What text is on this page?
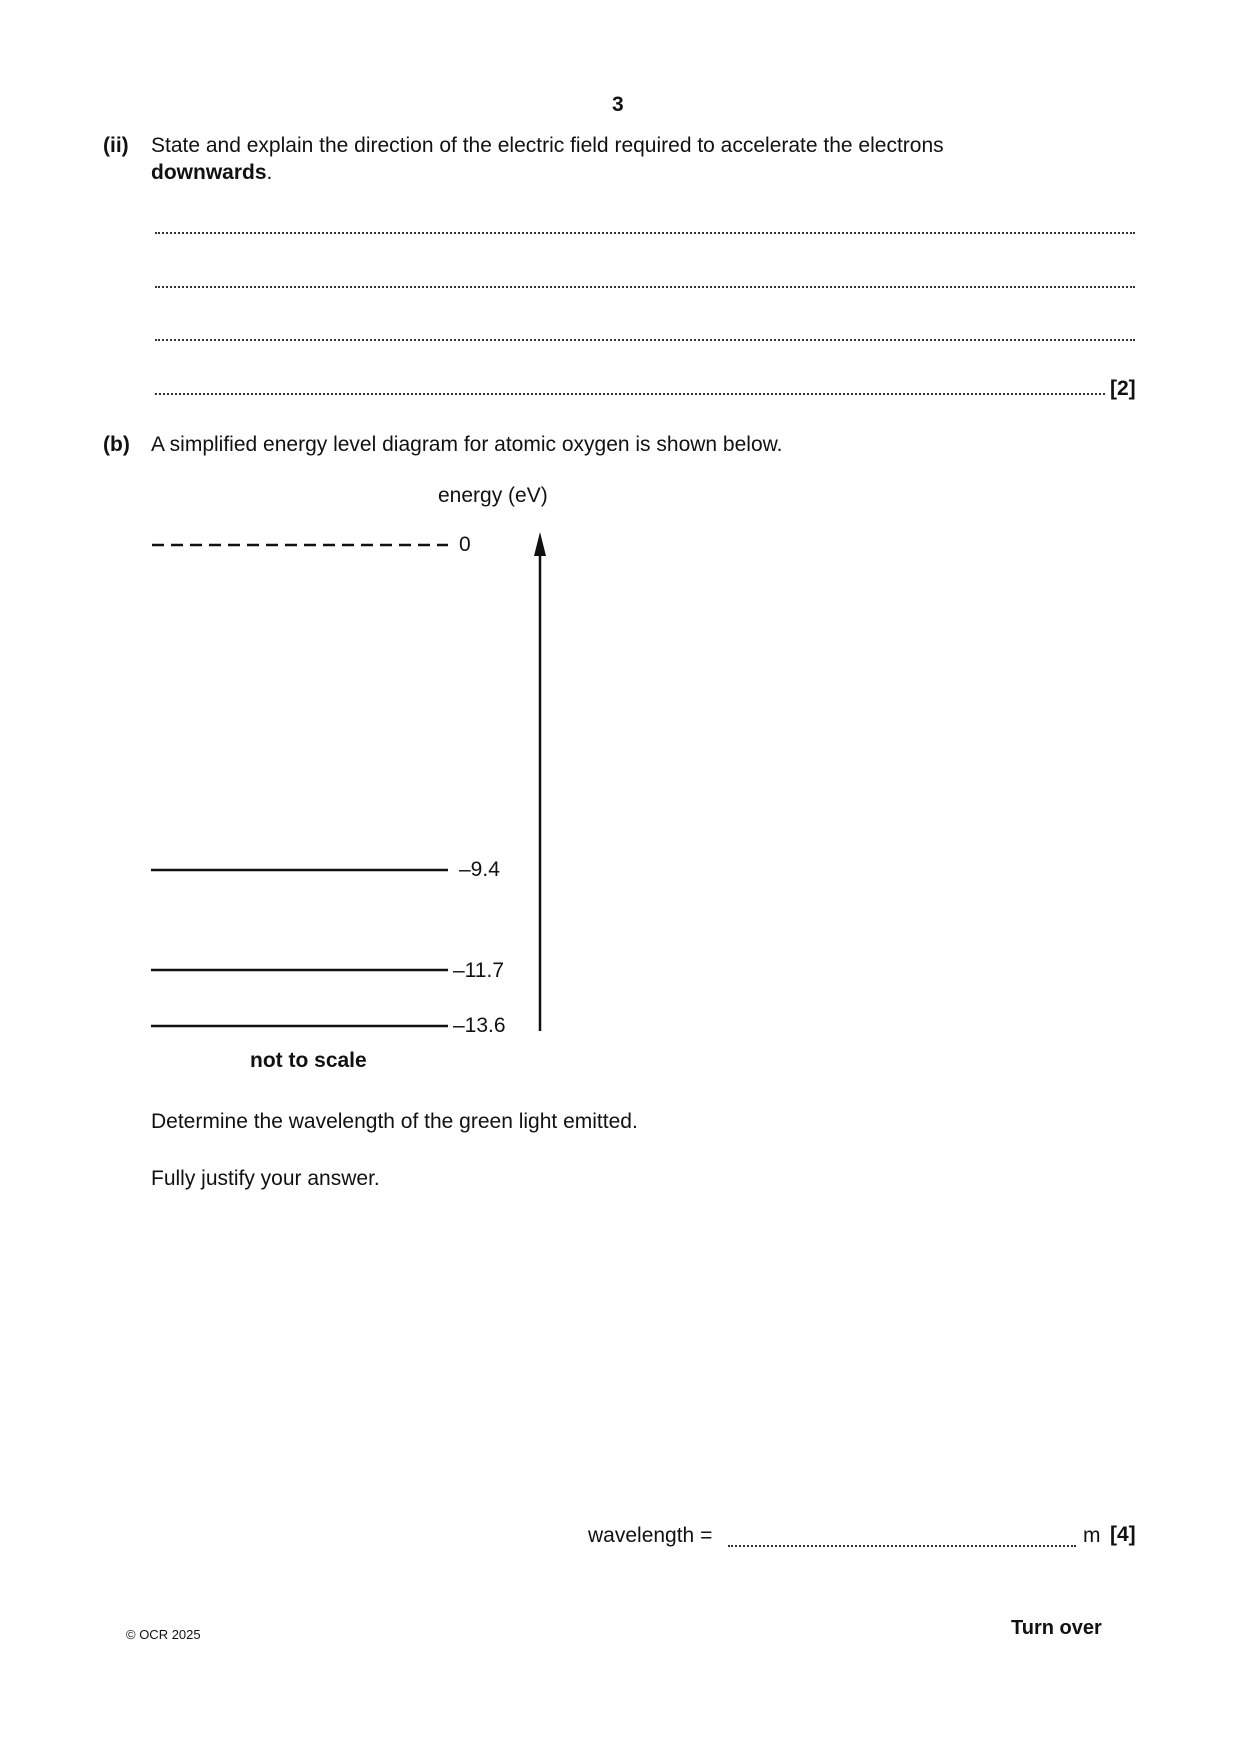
3
(ii) State and explain the direction of the electric field required to accelerate the electrons
downwards.
[2]
(b) A simplified energy level diagram for atomic oxygen is shown below.
energy (eV)
0
–9.4
–11.7
–13.6
not to scale
Determine the wavelength of the green light emitted.
Fully justify your answer.
wavelength =	m [4]
© OCR 2025	Turn over
